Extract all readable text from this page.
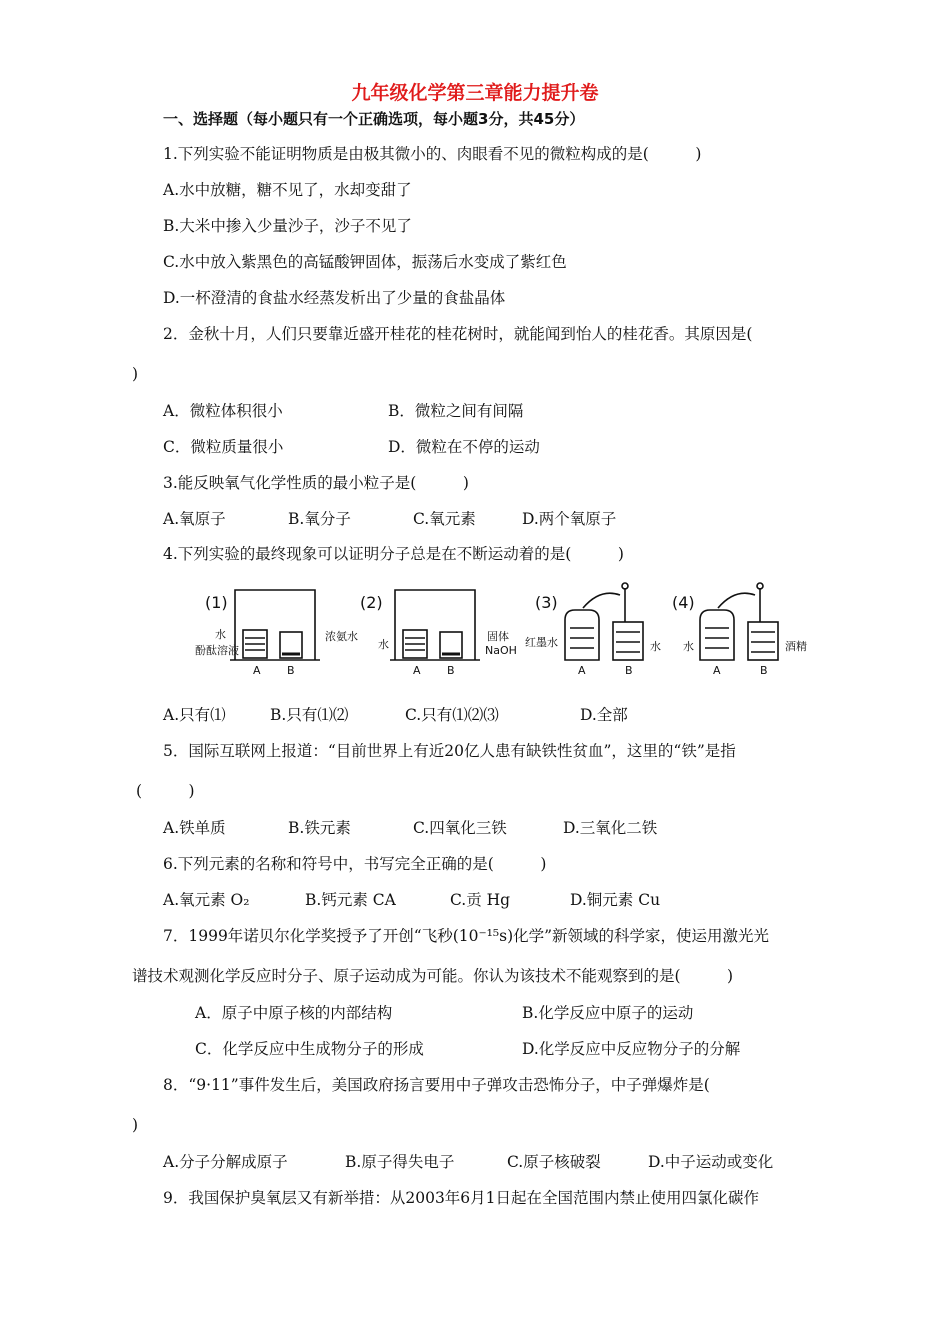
九年级化学第三章能力提升卷
一、选择题（每小题只有一个正确选项，每小题3分，共45分）
1.下列实验不能证明物质是由极其微小的、肉眼看不见的微粒构成的是(　　　)
A.水中放糖，糖不见了，水却变甜了
B.大米中掺入少量沙子，沙子不见了
C.水中放入紫黑色的高锰酸钾固体，振荡后水变成了紫红色
D.一杯澄清的食盐水经蒸发析出了少量的食盐晶体
2．金秋十月，人们只要靠近盛开桂花的桂花树时，就能闻到怡人的桂花香。其原因是(
)
A．微粒体积很小	B．微粒之间有间隔
C．微粒质量很小	D．微粒在不停的运动
3.能反映氧气化学性质的最小粒子是(　　　)
A.氧原子	B.氧分子	C.氧元素	D.两个氧原子
4.下列实验的最终现象可以证明分子总是在不断运动着的是(　　　)
(1)	(2)	(3)	(4)
水
酚酞溶液
浓氨水
水
固体
NaOH
红墨水	水 水	酒精
A B	A B	A	B	A	B
A.只有⑴	B.只有⑴⑵	C.只有⑴⑵⑶	D.全部
5．国际互联网上报道：“目前世界上有近20亿人患有缺铁性贫血”，这里的“铁”是指
(　　　)
A.铁单质	B.铁元素	C.四氧化三铁	D.三氧化二铁
6.下列元素的名称和符号中，书写完全正确的是(　　　)
A.氧元素 O₂	B.钙元素 CA	C.贡 Hg	D.铜元素 Cu
7．1999年诺贝尔化学奖授予了开创“飞秒(10⁻¹⁵s)化学”新领域的科学家，使运用激光光
谱技术观测化学反应时分子、原子运动成为可能。你认为该技术不能观察到的是(　　　)
A．原子中原子核的内部结构	B.化学反应中原子的运动
C．化学反应中生成物分子的形成	D.化学反应中反应物分子的分解
8．“9·11”事件发生后，美国政府扬言要用中子弹攻击恐怖分子，中子弹爆炸是(
)
A.分子分解成原子	B.原子得失电子	C.原子核破裂	D.中子运动或变化
9．我国保护臭氧层又有新举措：从2003年6月1日起在全国范围内禁止使用四氯化碳作
